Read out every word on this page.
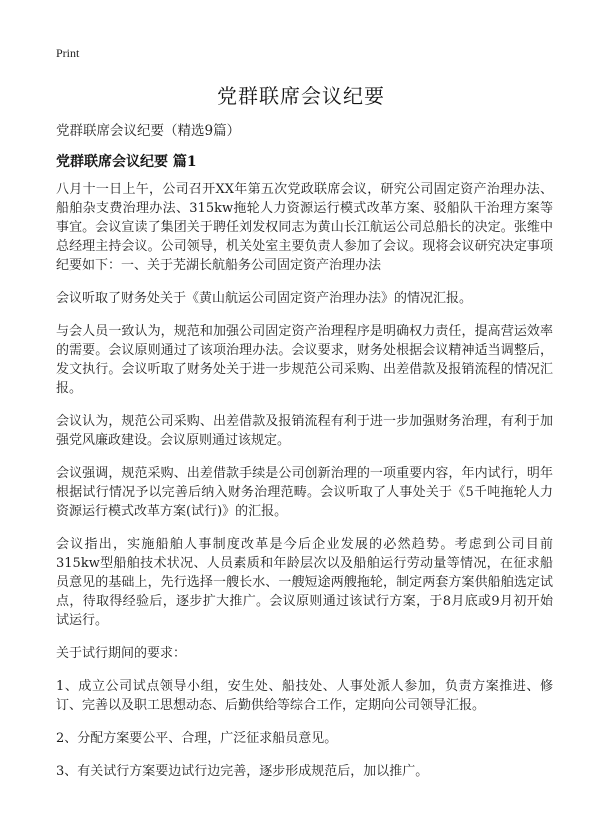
Print
党群联席会议纪要
党群联席会议纪要（精选9篇）
党群联席会议纪要 篇1

八月十一日上午，公司召开XX年第五次党政联席会议，研究公司固定资产治理办法、船舶杂支费治理办法、315kw拖轮人力资源运行模式改革方案、驳船队干治理方案等事宜。会议宣读了集团关于聘任刘发权同志为黄山长江航运公司总船长的决定。张维中总经理主持会议。公司领导，机关处室主要负责人参加了会议。现将会议研究决定事项纪要如下：一、关于芜湖长航船务公司固定资产治理办法

会议听取了财务处关于《黄山航运公司固定资产治理办法》的情况汇报。

与会人员一致认为，规范和加强公司固定资产治理程序是明确权力责任，提高营运效率的需要。会议原则通过了该项治理办法。会议要求，财务处根据会议精神适当调整后，发文执行。会议听取了财务处关于进一步规范公司采购、出差借款及报销流程的情况汇报。

会议认为，规范公司采购、出差借款及报销流程有利于进一步加强财务治理，有利于加强党风廉政建设。会议原则通过该规定。

会议强调，规范采购、出差借款手续是公司创新治理的一项重要内容，年内试行，明年根据试行情况予以完善后纳入财务治理范畴。会议听取了人事处关于《5千吨拖轮人力资源运行模式改革方案(试行)》的汇报。

会议指出，实施船舶人事制度改革是今后企业发展的必然趋势。考虑到公司目前315kw型船舶技术状况、人员素质和年龄层次以及船舶运行劳动量等情况，在征求船员意见的基础上，先行选择一艘长水、一艘短途两艘拖轮，制定两套方案供船舶选定试点，待取得经验后，逐步扩大推广。会议原则通过该试行方案，于8月底或9月初开始试运行。

关于试行期间的要求：

1、成立公司试点领导小组，安生处、船技处、人事处派人参加，负责方案推进、修订、完善以及职工思想动态、后勤供给等综合工作，定期向公司领导汇报。

2、分配方案要公平、合理，广泛征求船员意见。

3、有关试行方案要边试行边完善，逐步形成规范后，加以推广。
